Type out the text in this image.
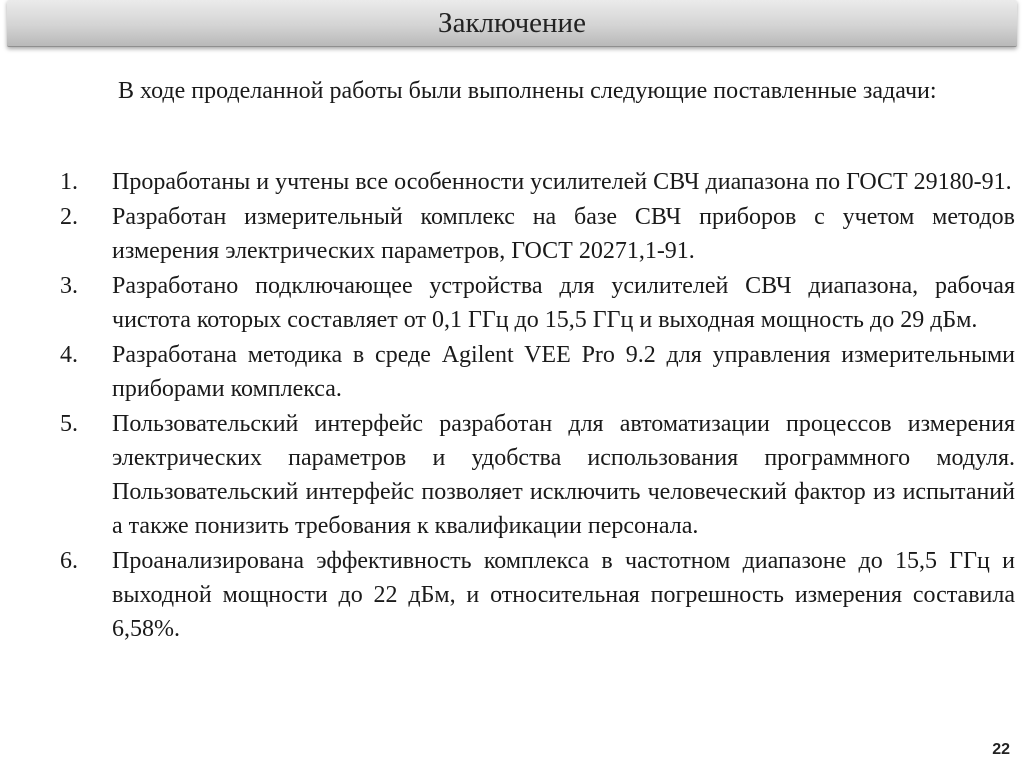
Заключение
В ходе проделанной работы были выполнены следующие поставленные задачи:
1. Проработаны и учтены все особенности усилителей СВЧ диапазона по ГОСТ 29180-91.
2. Разработан измерительный комплекс на базе СВЧ приборов с учетом методов измерения электрических параметров, ГОСТ 20271,1-91.
3. Разработано подключающее устройства для усилителей СВЧ диапазона, рабочая чистота которых составляет от 0,1 ГГц до 15,5 ГГц и выходная мощность до 29 дБм.
4. Разработана методика в среде Agilent VEE Pro 9.2 для управления измерительными приборами комплекса.
5. Пользовательский интерфейс разработан для автоматизации процессов измерения электрических параметров и удобства использования программного модуля. Пользовательский интерфейс позволяет исключить человеческий фактор из испытаний а также понизить требования к квалификации персонала.
6. Проанализирована эффективность комплекса в частотном диапазоне до 15,5 ГГц и выходной мощности до 22 дБм, и относительная погрешность измерения составила 6,58%.
22
